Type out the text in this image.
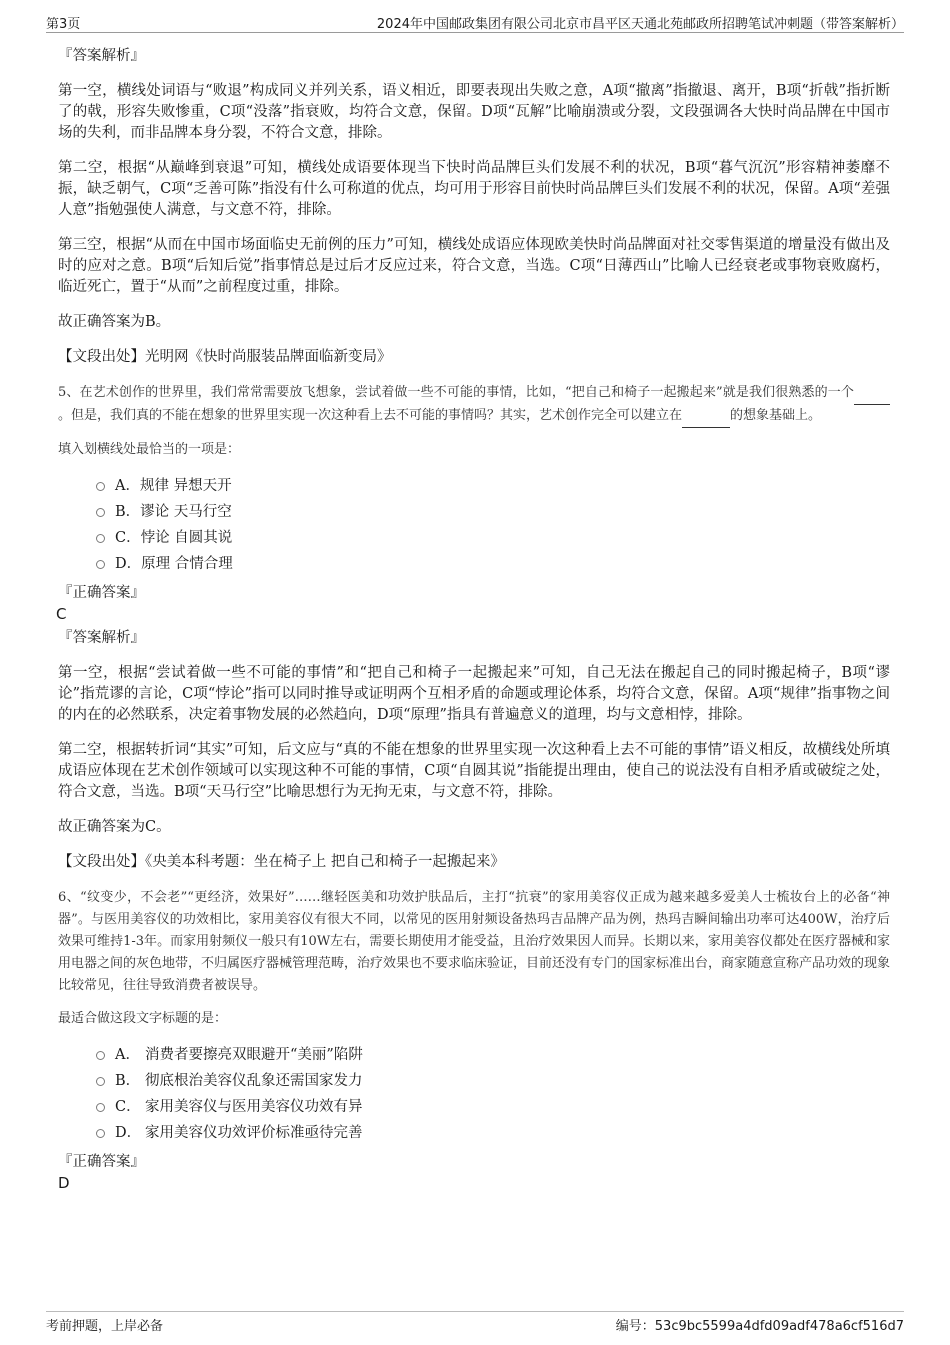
第3页	2024年中国邮政集团有限公司北京市昌平区天通北苑邮政所招聘笔试冲刺题（带答案解析）
『答案解析』
第一空，横线处词语与“败退”构成同义并列关系，语义相近，即要表现出失败之意，A项“撤离”指撤退、离开，B项“折戟”指折断了的戟，形容失败惨重，C项“没落”指衰败，均符合文意，保留。D项“瓦解”比喻崩溃或分裂，文段强调各大快时尚品牌在中国市场的失利，而非品牌本身分裂，不符合文意，排除。
第二空，根据“从巅峰到衰退”可知，横线处成语要体现当下快时尚品牌巨头们发展不利的状况，B项“暮气沉沉”形容精神萎靡不振，缺乏朝气，C项“乏善可陈”指没有什么可称道的优点，均可用于形容目前快时尚品牌巨头们发展不利的状况，保留。A项“差强人意”指勉强使人满意，与文意不符，排除。
第三空，根据“从而在中国市场面临史无前例的压力”可知，横线处成语应体现欧美快时尚品牌面对社交零售渠道的增量没有做出及时的应对之意。B项“后知后觉”指事情总是过后才反应过来，符合文意，当选。C项“日薄西山”比喻人已经衰老或事物衰败腐朽，临近死亡，置于“从而”之前程度过重，排除。
故正确答案为B。
【文段出处】光明网《快时尚服装品牌面临新变局》
5、在艺术创作的世界里，我们常常需要放飞想象，尝试着做一些不可能的事情，比如，“把自己和椅子一起搬起来”就是我们很熟悉的一个 。但是，我们真的不能在想象的世界里实现一次这种看上去不可能的事情吗？其实，艺术创作完全可以建立在	的想象基础上。
填入划横线处最恰当的一项是：
A．规律 异想天开
B．谬论 天马行空
C．悖论 自圆其说
D．原理 合情合理
『正确答案』
C
『答案解析』
第一空，根据“尝试着做一些不可能的事情”和“把自己和椅子一起搬起来”可知，自己无法在搬起自己的同时搬起椅子，B项“谬论”指荒谬的言论，C项“悖论”指可以同时推导或证明两个互相矛盾的命题或理论体系，均符合文意，保留。A项“规律”指事物之间的内在的必然联系，决定着事物发展的必然趋向，D项“原理”指具有普遍意义的道理，均与文意相悖，排除。
第二空，根据转折词“其实”可知，后文应与“真的不能在想象的世界里实现一次这种看上去不可能的事情”语义相反，故横线处所填成语应体现在艺术创作领域可以实现这种不可能的事情，C项“自圆其说”指能提出理由，使自己的说法没有自相矛盾或破绽之处，符合文意，当选。B项“天马行空”比喻思想行为无拘无束，与文意不符，排除。
故正确答案为C。
【文段出处】《央美本科考题：坐在椅子上 把自己和椅子一起搬起来》
6、“纹变少，不会老”“更经济，效果好”……继轻医美和功效护肤品后，主打“抗衰”的家用美容仪正成为越来越多爱美人士梳妆台上的必备“神器”。与医用美容仪的功效相比，家用美容仪有很大不同，以常见的医用射频设备热玛吉品牌产品为例，热玛吉瞬间输出功率可达400W，治疗后效果可维持1-3年。而家用射频仪一般只有10W左右，需要长期使用才能受益，且治疗效果因人而异。长期以来，家用美容仪都处在医疗器械和家用电器之间的灰色地带，不归属医疗器械管理范畴，治疗效果也不要求临床验证，目前还没有专门的国家标准出台，商家随意宣称产品功效的现象比较常见，往往导致消费者被误导。
最适合做这段文字标题的是：
A． 消费者要擦亮双眼避开“美丽”陷阱
B． 彻底根治美容仪乱象还需国家发力
C． 家用美容仪与医用美容仪功效有异
D． 家用美容仪功效评价标准亟待完善
『正确答案』
D
考前押题，上岸必备	编号：53c9bc5599a4dfd09adf478a6cf516d7
